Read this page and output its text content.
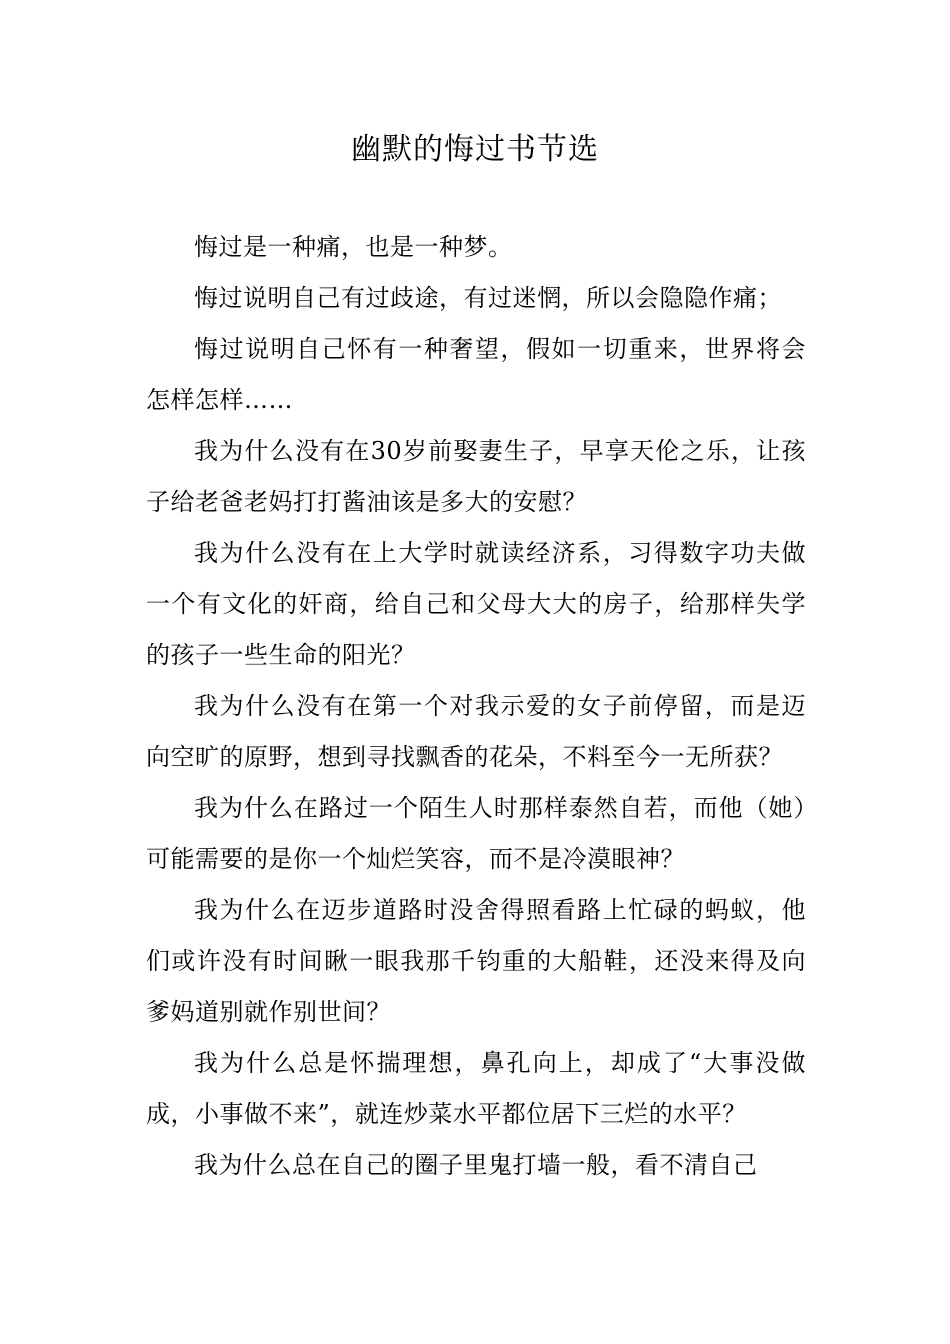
幽默的悔过书节选

悔过是一种痛，也是一种梦。

悔过说明自己有过歧途，有过迷惘，所以会隐隐作痛；

悔过说明自己怀有一种奢望，假如一切重来，世界将会怎样怎样……

我为什么没有在30岁前娶妻生子，早享天伦之乐，让孩子给老爸老妈打打酱油该是多大的安慰？

我为什么没有在上大学时就读经济系，习得数字功夫做一个有文化的奸商，给自己和父母大大的房子，给那样失学的孩子一些生命的阳光？

我为什么没有在第一个对我示爱的女子前停留，而是迈向空旷的原野，想到寻找飘香的花朵，不料至今一无所获？

我为什么在路过一个陌生人时那样泰然自若，而他（她）可能需要的是你一个灿烂笑容，而不是冷漠眼神？

我为什么在迈步道路时没舍得照看路上忙碌的蚂蚁，他们或许没有时间瞅一眼我那千钧重的大船鞋，还没来得及向爹妈道别就作别世间？

我为什么总是怀揣理想，鼻孔向上，却成了“大事没做成，小事做不来”，就连炒菜水平都位居下三烂的水平？

我为什么总在自己的圈子里鬼打墙一般，看不清自己
